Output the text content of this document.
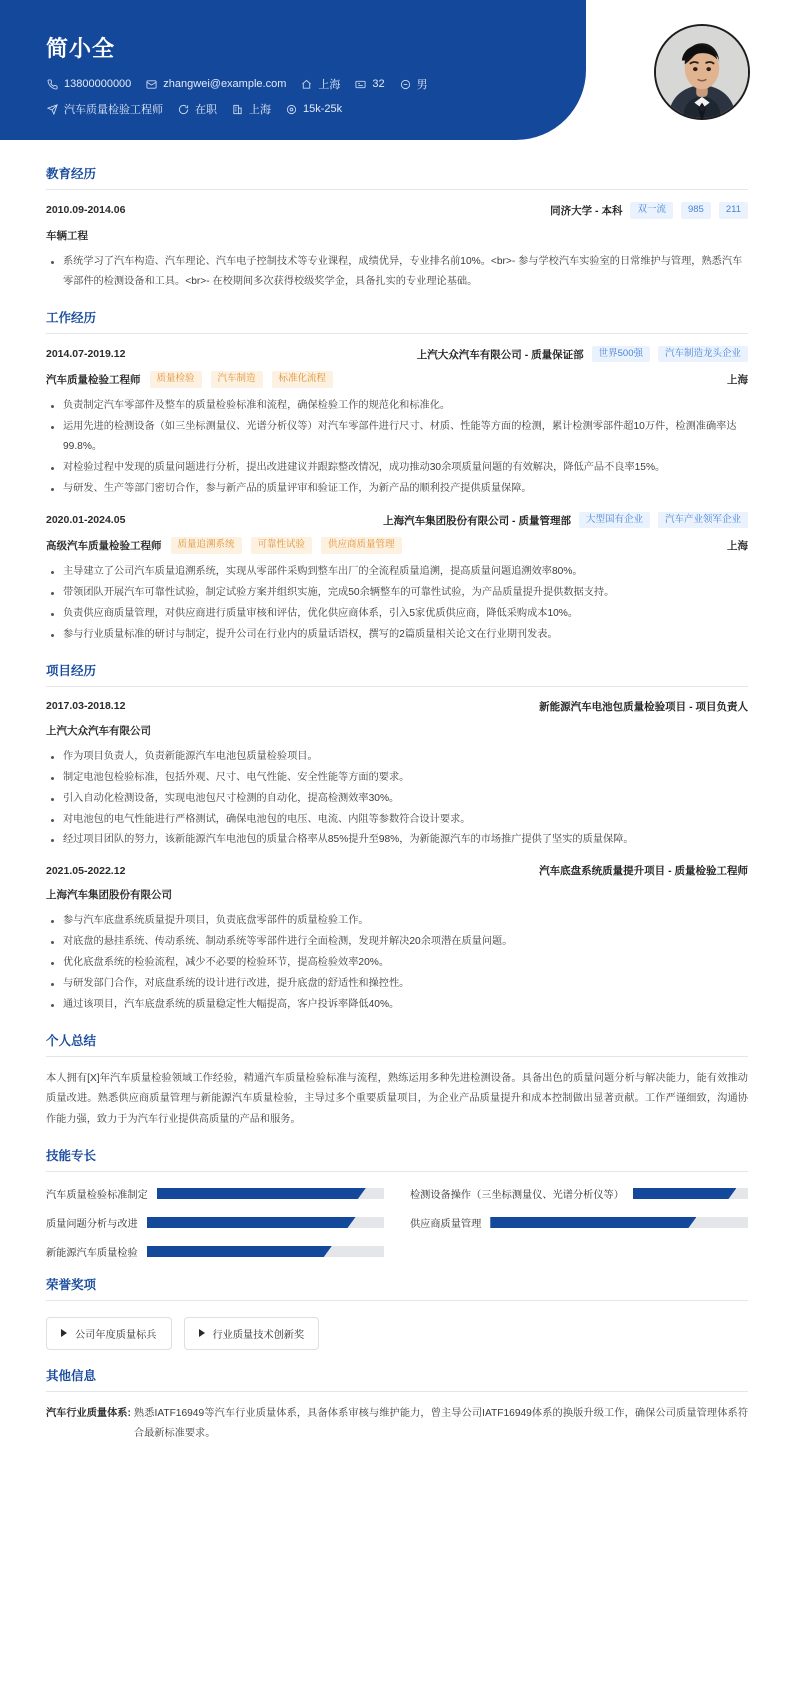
简小全
13800000000	zhangwei@example.com	上海	32	男
汽车质量检验工程师	在职	上海	15k-25k
教育经历
2010.09-2014.06	同济大学 - 本科	双一流	985	211
车辆工程
系统学习了汽车构造、汽车理论、汽车电子控制技术等专业课程，成绩优异，专业排名前10%。<br>- 参与学校汽车实验室的日常维护与管理，熟悉汽车零部件的检测设备和工具。<br>- 在校期间多次获得校级奖学金，具备扎实的专业理论基础。
工作经历
2014.07-2019.12	上汽大众汽车有限公司 - 质量保证部	世界500强	汽车制造龙头企业
汽车质量检验工程师	质量检验	汽车制造	标准化流程	上海
负责制定汽车零部件及整车的质量检验标准和流程，确保检验工作的规范化和标准化。
运用先进的检测设备（如三坐标测量仪、光谱分析仪等）对汽车零部件进行尺寸、材质、性能等方面的检测，累计检测零部件超10万件，检测准确率达99.8%。
对检验过程中发现的质量问题进行分析，提出改进建议并跟踪整改情况，成功推动30余项质量问题的有效解决，降低产品不良率15%。
与研发、生产等部门密切合作，参与新产品的质量评审和验证工作，为新产品的顺利投产提供质量保障。
2020.01-2024.05	上海汽车集团股份有限公司 - 质量管理部	大型国有企业	汽车产业领军企业
高级汽车质量检验工程师	质量追溯系统	可靠性试验	供应商质量管理	上海
主导建立了公司汽车质量追溯系统，实现从零部件采购到整车出厂的全流程质量追溯，提高质量问题追溯效率80%。
带领团队开展汽车可靠性试验，制定试验方案并组织实施，完成50余辆整车的可靠性试验，为产品质量提升提供数据支持。
负责供应商质量管理，对供应商进行质量审核和评估，优化供应商体系，引入5家优质供应商，降低采购成本10%。
参与行业质量标准的研讨与制定，提升公司在行业内的质量话语权，撰写的2篇质量相关论文在行业期刊发表。
项目经历
2017.03-2018.12	新能源汽车电池包质量检验项目 - 项目负责人
上汽大众汽车有限公司
作为项目负责人，负责新能源汽车电池包质量检验项目。
制定电池包检验标准，包括外观、尺寸、电气性能、安全性能等方面的要求。
引入自动化检测设备，实现电池包尺寸检测的自动化，提高检测效率30%。
对电池包的电气性能进行严格测试，确保电池包的电压、电流、内阻等参数符合设计要求。
经过项目团队的努力，该新能源汽车电池包的质量合格率从85%提升至98%，为新能源汽车的市场推广提供了坚实的质量保障。
2021.05-2022.12	汽车底盘系统质量提升项目 - 质量检验工程师
上海汽车集团股份有限公司
参与汽车底盘系统质量提升项目，负责底盘零部件的质量检验工作。
对底盘的悬挂系统、传动系统、制动系统等零部件进行全面检测，发现并解决20余项潜在质量问题。
优化底盘系统的检验流程，减少不必要的检验环节，提高检验效率20%。
与研发部门合作，对底盘系统的设计进行改进，提升底盘的舒适性和操控性。
通过该项目，汽车底盘系统的质量稳定性大幅提高，客户投诉率降低40%。
个人总结
本人拥有[X]年汽车质量检验领域工作经验，精通汽车质量检验标准与流程，熟练运用多种先进检测设备。具备出色的质量问题分析与解决能力，能有效推动质量改进。熟悉供应商质量管理与新能源汽车质量检验，主导过多个重要质量项目，为企业产品质量提升和成本控制做出显著贡献。工作严谨细致，沟通协作能力强，致力于为汽车行业提供高质量的产品和服务。
技能专长
汽车质量检验标准制定	检测设备操作（三坐标测量仪、光谱分析仪等）
质量问题分析与改进	供应商质量管理
新能源汽车质量检验
荣誉奖项
公司年度质量标兵	行业质量技术创新奖
其他信息
汽车行业质量体系: 熟悉IATF16949等汽车行业质量体系，具备体系审核与维护能力，曾主导公司IATF16949体系的换版升级工作，确保公司质量管理体系符合最新标准要求。
